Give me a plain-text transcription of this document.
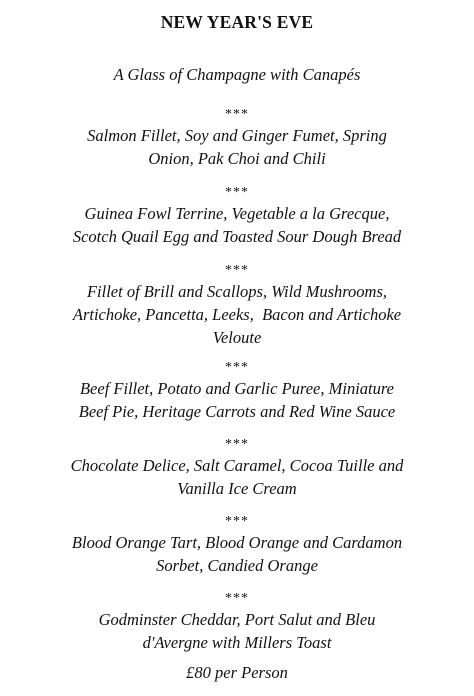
NEW YEAR'S EVE
A Glass of Champagne with Canapés
***
Salmon Fillet, Soy and Ginger Fumet, Spring
Onion, Pak Choi and Chili
***
Guinea Fowl Terrine, Vegetable a la Grecque,
Scotch Quail Egg and Toasted Sour Dough Bread
***
Fillet of Brill and Scallops, Wild Mushrooms,
Artichoke, Pancetta, Leeks,  Bacon and Artichoke
Veloute
***
Beef Fillet, Potato and Garlic Puree, Miniature
Beef Pie, Heritage Carrots and Red Wine Sauce
***
Chocolate Delice, Salt Caramel, Cocoa Tuille and
Vanilla Ice Cream
***
Blood Orange Tart, Blood Orange and Cardamon
Sorbet, Candied Orange
***
Godminster Cheddar, Port Salut and Bleu
d'Avergne with Millers Toast
£80 per Person
